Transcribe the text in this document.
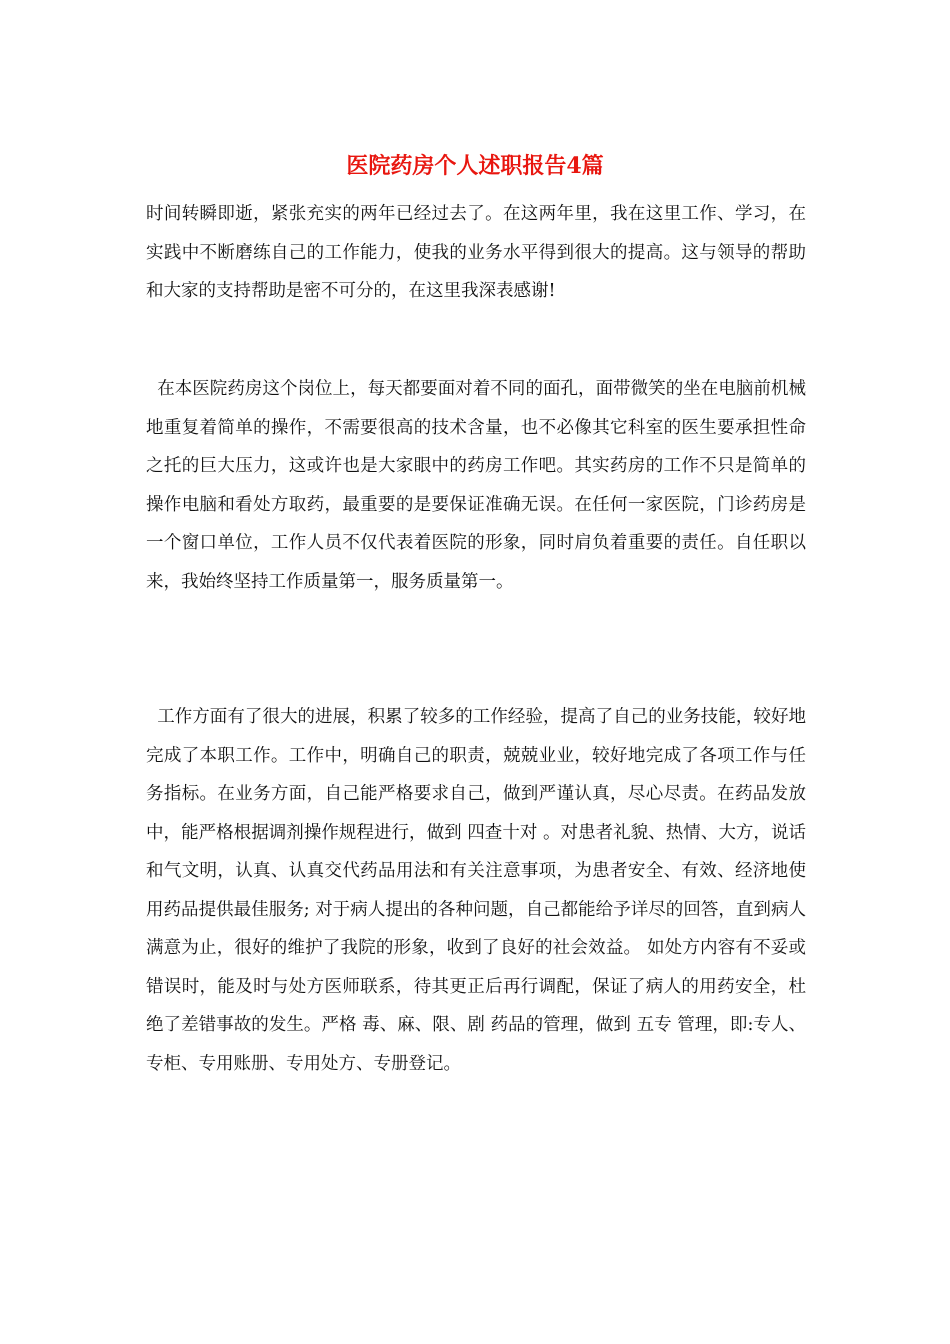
医院药房个人述职报告4篇

时间转瞬即逝，紧张充实的两年已经过去了。在这两年里，我在这里工作、学习，在实践中不断磨练自己的工作能力，使我的业务水平得到很大的提高。这与领导的帮助和大家的支持帮助是密不可分的，在这里我深表感谢!

在本医院药房这个岗位上，每天都要面对着不同的面孔，面带微笑的坐在电脑前机械地重复着简单的操作，不需要很高的技术含量，也不必像其它科室的医生要承担性命之托的巨大压力，这或许也是大家眼中的药房工作吧。其实药房的工作不只是简单的操作电脑和看处方取药，最重要的是要保证准确无误。在任何一家医院，门诊药房是一个窗口单位，工作人员不仅代表着医院的形象，同时肩负着重要的责任。自任职以来，我始终坚持工作质量第一，服务质量第一。

工作方面有了很大的进展，积累了较多的工作经验，提高了自己的业务技能，较好地完成了本职工作。工作中，明确自己的职责，兢兢业业，较好地完成了各项工作与任务指标。在业务方面，自己能严格要求自己，做到严谨认真，尽心尽责。在药品发放中，能严格根据调剂操作规程进行，做到 四查十对 。对患者礼貌、热情、大方，说话和气文明，认真、认真交代药品用法和有关注意事项，为患者安全、有效、经济地使用药品提供最佳服务; 对于病人提出的各种问题，自己都能给予详尽的回答，直到病人满意为止，很好的维护了我院的形象，收到了良好的社会效益。 如处方内容有不妥或错误时，能及时与处方医师联系，待其更正后再行调配，保证了病人的用药安全，杜绝了差错事故的发生。严格 毒、麻、限、剧 药品的管理，做到 五专 管理，即:专人、专柜、专用账册、专用处方、专册登记。
